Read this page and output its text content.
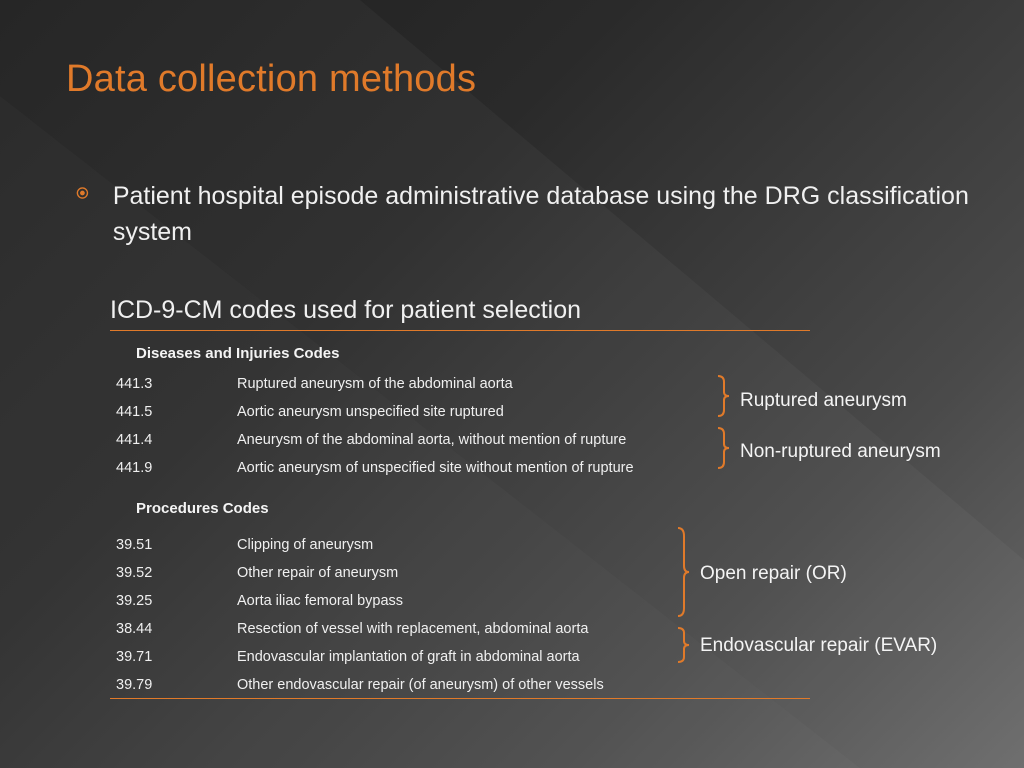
Data collection methods
Patient hospital episode administrative database using the DRG classification system
ICD-9-CM codes used for patient selection
Diseases and Injuries Codes
441.3	Ruptured aneurysm of the abdominal aorta
441.5	Aortic aneurysm unspecified site ruptured
441.4	Aneurysm of the abdominal aorta, without mention of rupture
441.9	Aortic aneurysm of unspecified site without mention of rupture
Ruptured aneurysm
Non-ruptured aneurysm
Procedures Codes
39.51	Clipping of aneurysm
39.52	Other repair of aneurysm
39.25	Aorta iliac femoral bypass
38.44	Resection of vessel with replacement, abdominal aorta
39.71	Endovascular implantation of graft in abdominal aorta
39.79	Other endovascular repair (of aneurysm) of other vessels
Open repair (OR)
Endovascular repair (EVAR)
